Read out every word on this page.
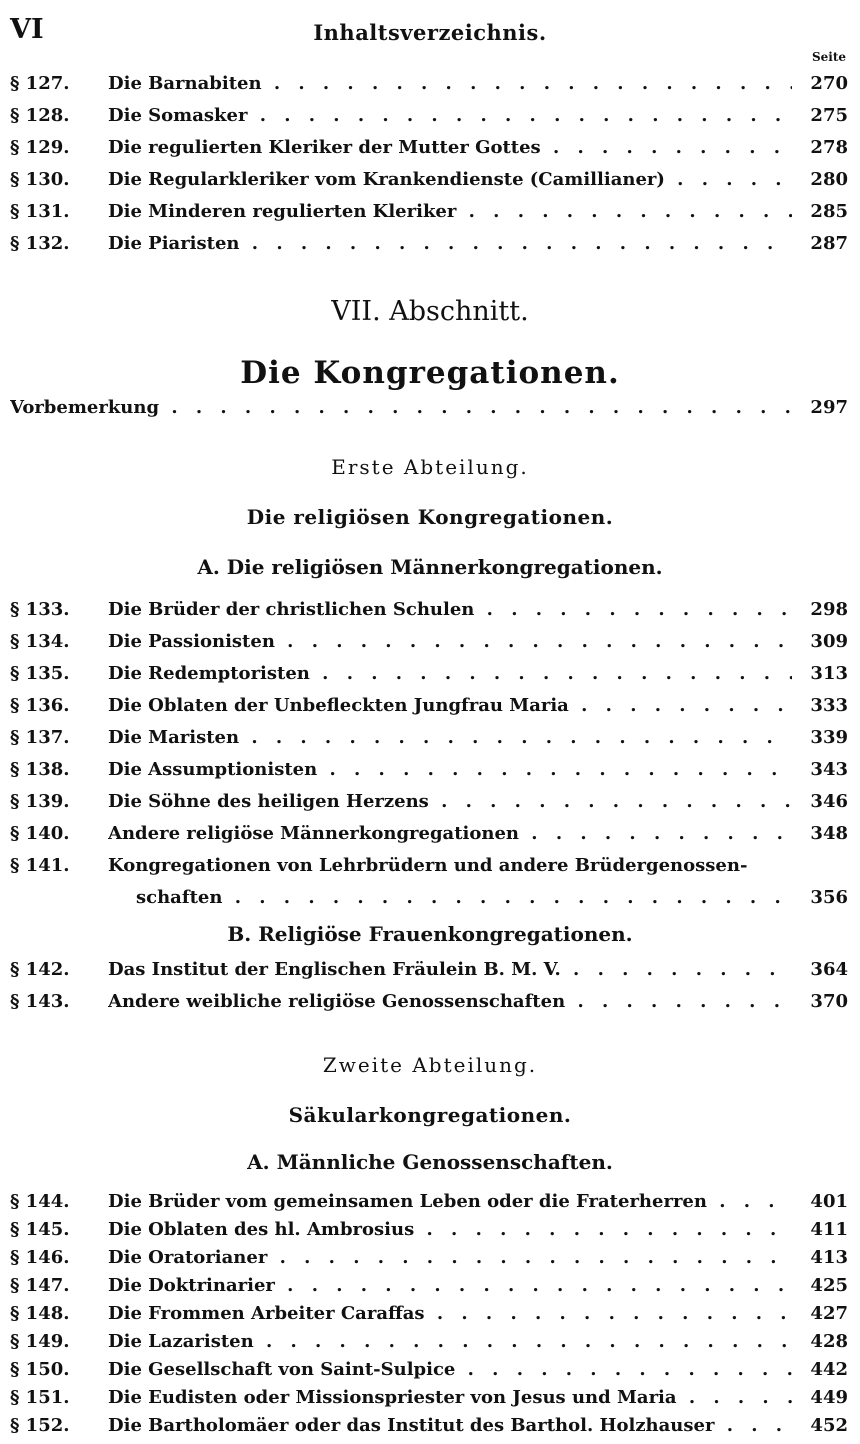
VI	Inhaltsverzeichnis.
Seite
§ 127.	Die Barnabiten . . .	270
§ 128.	Die Somasker . . .	275
§ 129.	Die regulierten Kleriker der Mutter Gottes . . .	278
§ 130.	Die Regularkleriker vom Krankendienste (Camillianer) . . .	280
§ 131.	Die Minderen regulierten Kleriker . . .	285
§ 132.	Die Piaristen . . .	287
VII. Abschnitt.
Die Kongregationen.
Vorbemerkung . . .	297
Erste Abteilung.
Die religiösen Kongregationen.
A. Die religiösen Männerkongregationen.
§ 133.	Die Brüder der christlichen Schulen . . .	298
§ 134.	Die Passionisten . . .	309
§ 135.	Die Redemptoristen . . .	313
§ 136.	Die Oblaten der Unbefleckten Jungfrau Maria . . .	333
§ 137.	Die Maristen . . .	339
§ 138.	Die Assumptionisten . . .	343
§ 139.	Die Söhne des heiligen Herzens . . .	346
§ 140.	Andere religiöse Männerkongregationen . . .	348
§ 141.	Kongregationen von Lehrbrüdern und andere Brüdergenossen-
schaften . . .	356
B. Religiöse Frauenkongregationen.
§ 142.	Das Institut der Englischen Fräulein B. M. V. . . .	364
§ 143.	Andere weibliche religiöse Genossenschaften . . .	370
Zweite Abteilung.
Säkularkongregationen.
A. Männliche Genossenschaften.
§ 144.	Die Brüder vom gemeinsamen Leben oder die Fraterherren . . .	401
§ 145.	Die Oblaten des hl. Ambrosius . . .	411
§ 146.	Die Oratorianer . . .	413
§ 147.	Die Doktrinarier . . .	425
§ 148.	Die Frommen Arbeiter Caraffas . . .	427
§ 149.	Die Lazaristen . . .	428
§ 150.	Die Gesellschaft von Saint-Sulpice . . .	442
§ 151.	Die Eudisten oder Missionspriester von Jesus und Maria . . .	449
§ 152.	Die Bartholomäer oder das Institut des Barthol. Holzhauser . . .	452
